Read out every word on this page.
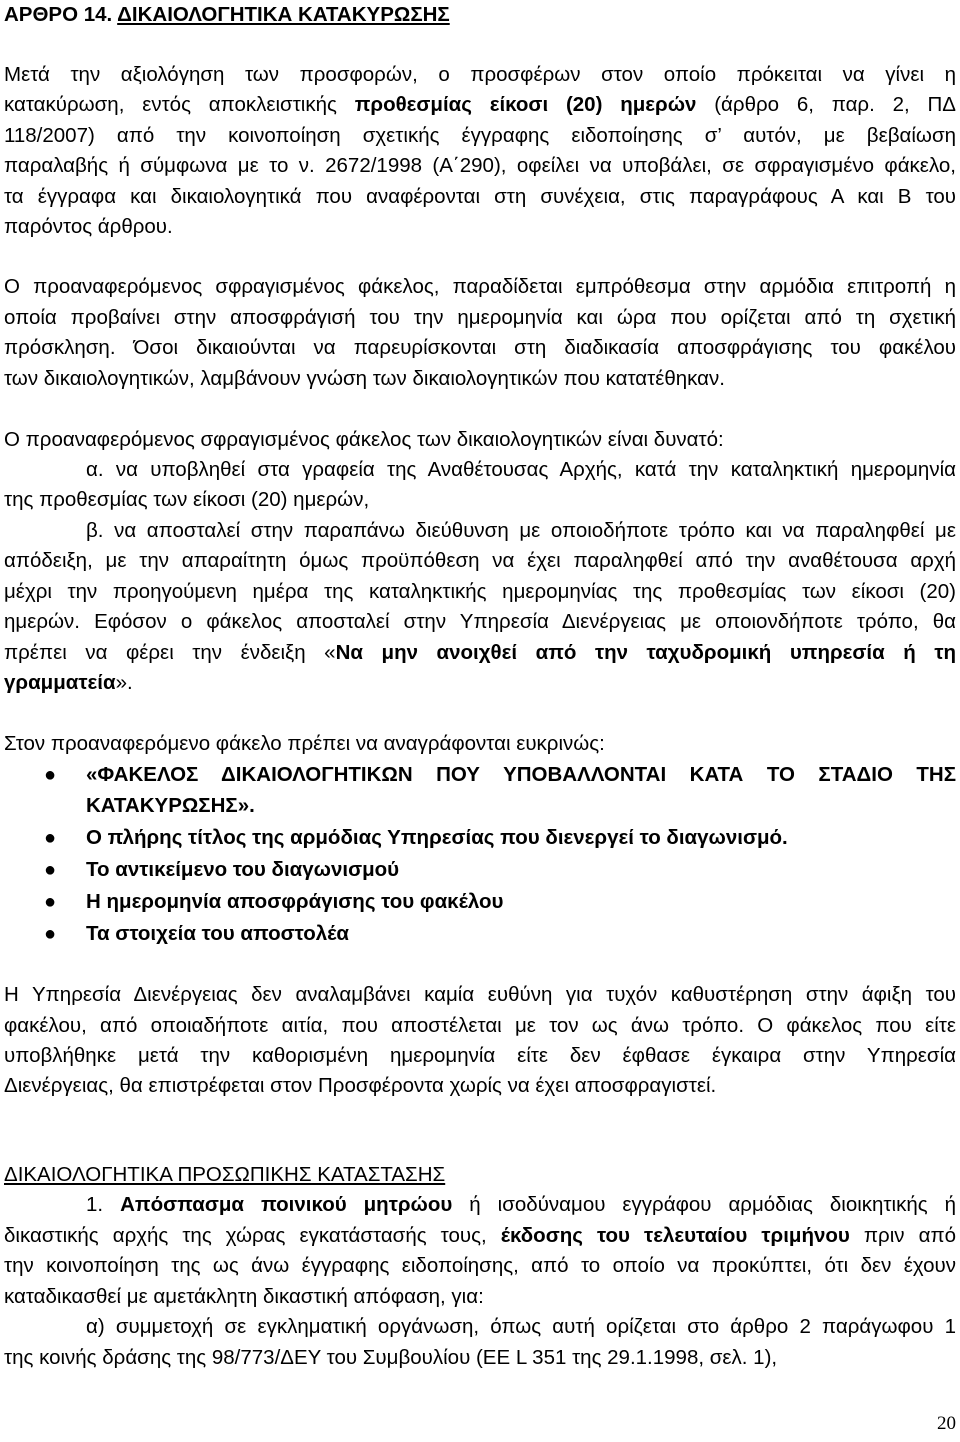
ΑΡΘΡΟ 14. ΔΙΚΑΙΟΛΟΓΗΤΙΚΑ ΚΑΤΑΚΥΡΩΣΗΣ
Μετά την αξιολόγηση των προσφορών, ο προσφέρων στον οποίο πρόκειται να γίνει η
κατακύρωση, εντός αποκλειστικής προθεσμίας είκοσι (20) ημερών (άρθρο 6, παρ. 2, ΠΔ
118/2007) από την κοινοποίηση σχετικής έγγραφης ειδοποίησης σ’ αυτόν, με βεβαίωση
παραλαβής ή σύμφωνα με το ν. 2672/1998 (Α΄290), οφείλει να υποβάλει, σε σφραγισμένο φάκελο,
τα έγγραφα και δικαιολογητικά που αναφέρονται στη συνέχεια, στις παραγράφους Α και Β του
παρόντος άρθρου.
Ο προαναφερόμενος σφραγισμένος φάκελος, παραδίδεται εμπρόθεσμα στην αρμόδια επιτροπή η
οποία προβαίνει στην αποσφράγισή του την ημερομηνία και ώρα που ορίζεται από τη σχετική
πρόσκληση. Όσοι δικαιούνται να παρευρίσκονται στη διαδικασία αποσφράγισης του φακέλου
των δικαιολογητικών, λαμβάνουν γνώση των δικαιολογητικών που κατατέθηκαν.
Ο προαναφερόμενος σφραγισμένος φάκελος των δικαιολογητικών είναι δυνατό:
α. να υποβληθεί στα γραφεία της Αναθέτουσας Αρχής, κατά την καταληκτική ημερομηνία
της προθεσμίας των είκοσι (20) ημερών,
β. να αποσταλεί στην παραπάνω διεύθυνση με οποιοδήποτε τρόπο και να παραληφθεί με
απόδειξη, με την απαραίτητη όμως προϋπόθεση να έχει παραληφθεί από την αναθέτουσα αρχή
μέχρι την προηγούμενη ημέρα της καταληκτικής ημερομηνίας της προθεσμίας των είκοσι (20)
ημερών. Εφόσον ο φάκελος αποσταλεί στην Υπηρεσία Διενέργειας με οποιονδήποτε τρόπο, θα
πρέπει να φέρει την ένδειξη «Να μην ανοιχθεί από την ταχυδρομική υπηρεσία ή τη
γραμματεία».
Στον προαναφερόμενο φάκελο πρέπει να αναγράφονται ευκρινώς:
● «ΦΑΚΕΛΟΣ ΔΙΚΑΙΟΛΟΓΗΤΙΚΩΝ ΠΟΥ ΥΠΟΒΑΛΛΟΝΤΑΙ ΚΑΤΑ ΤΟ ΣΤΑΔΙΟ ΤΗΣ
ΚΑΤΑΚΥΡΩΣΗΣ».
● Ο πλήρης τίτλος της αρμόδιας Υπηρεσίας που διενεργεί το διαγωνισμό.
● Το αντικείμενο του διαγωνισμού
● Η ημερομηνία αποσφράγισης του φακέλου
● Τα στοιχεία του αποστολέα
Η Υπηρεσία Διενέργειας δεν αναλαμβάνει καμία ευθύνη για τυχόν καθυστέρηση στην άφιξη του
φακέλου, από οποιαδήποτε αιτία, που αποστέλεται με τον ως άνω τρόπο. Ο φάκελος που είτε
υποβλήθηκε μετά την καθορισμένη ημερομηνία είτε δεν έφθασε έγκαιρα στην Υπηρεσία
Διενέργειας, θα επιστρέφεται στον Προσφέροντα χωρίς να έχει αποσφραγιστεί.
ΔΙΚΑΙΟΛΟΓΗΤΙΚΑ ΠΡΟΣΩΠΙΚΗΣ ΚΑΤΑΣΤΑΣΗΣ
1. Απόσπασμα ποινικού μητρώου ή ισοδύναμου εγγράφου αρμόδιας διοικητικής ή
δικαστικής αρχής της χώρας εγκατάστασής τους, έκδοσης του τελευταίου τριμήνου πριν από
την κοινοποίηση της ως άνω έγγραφης ειδοποίησης, από το οποίο να προκύπτει, ότι δεν έχουν
καταδικασθεί με αμετάκλητη δικαστική απόφαση, για:
α) συμμετοχή σε εγκληματική οργάνωση, όπως αυτή ορίζεται στο άρθρο 2 παράγωφου 1
της κοινής δράσης της 98/773/ΔΕΥ του Συμβουλίου (ΕΕ L 351 της 29.1.1998, σελ. 1),
20
